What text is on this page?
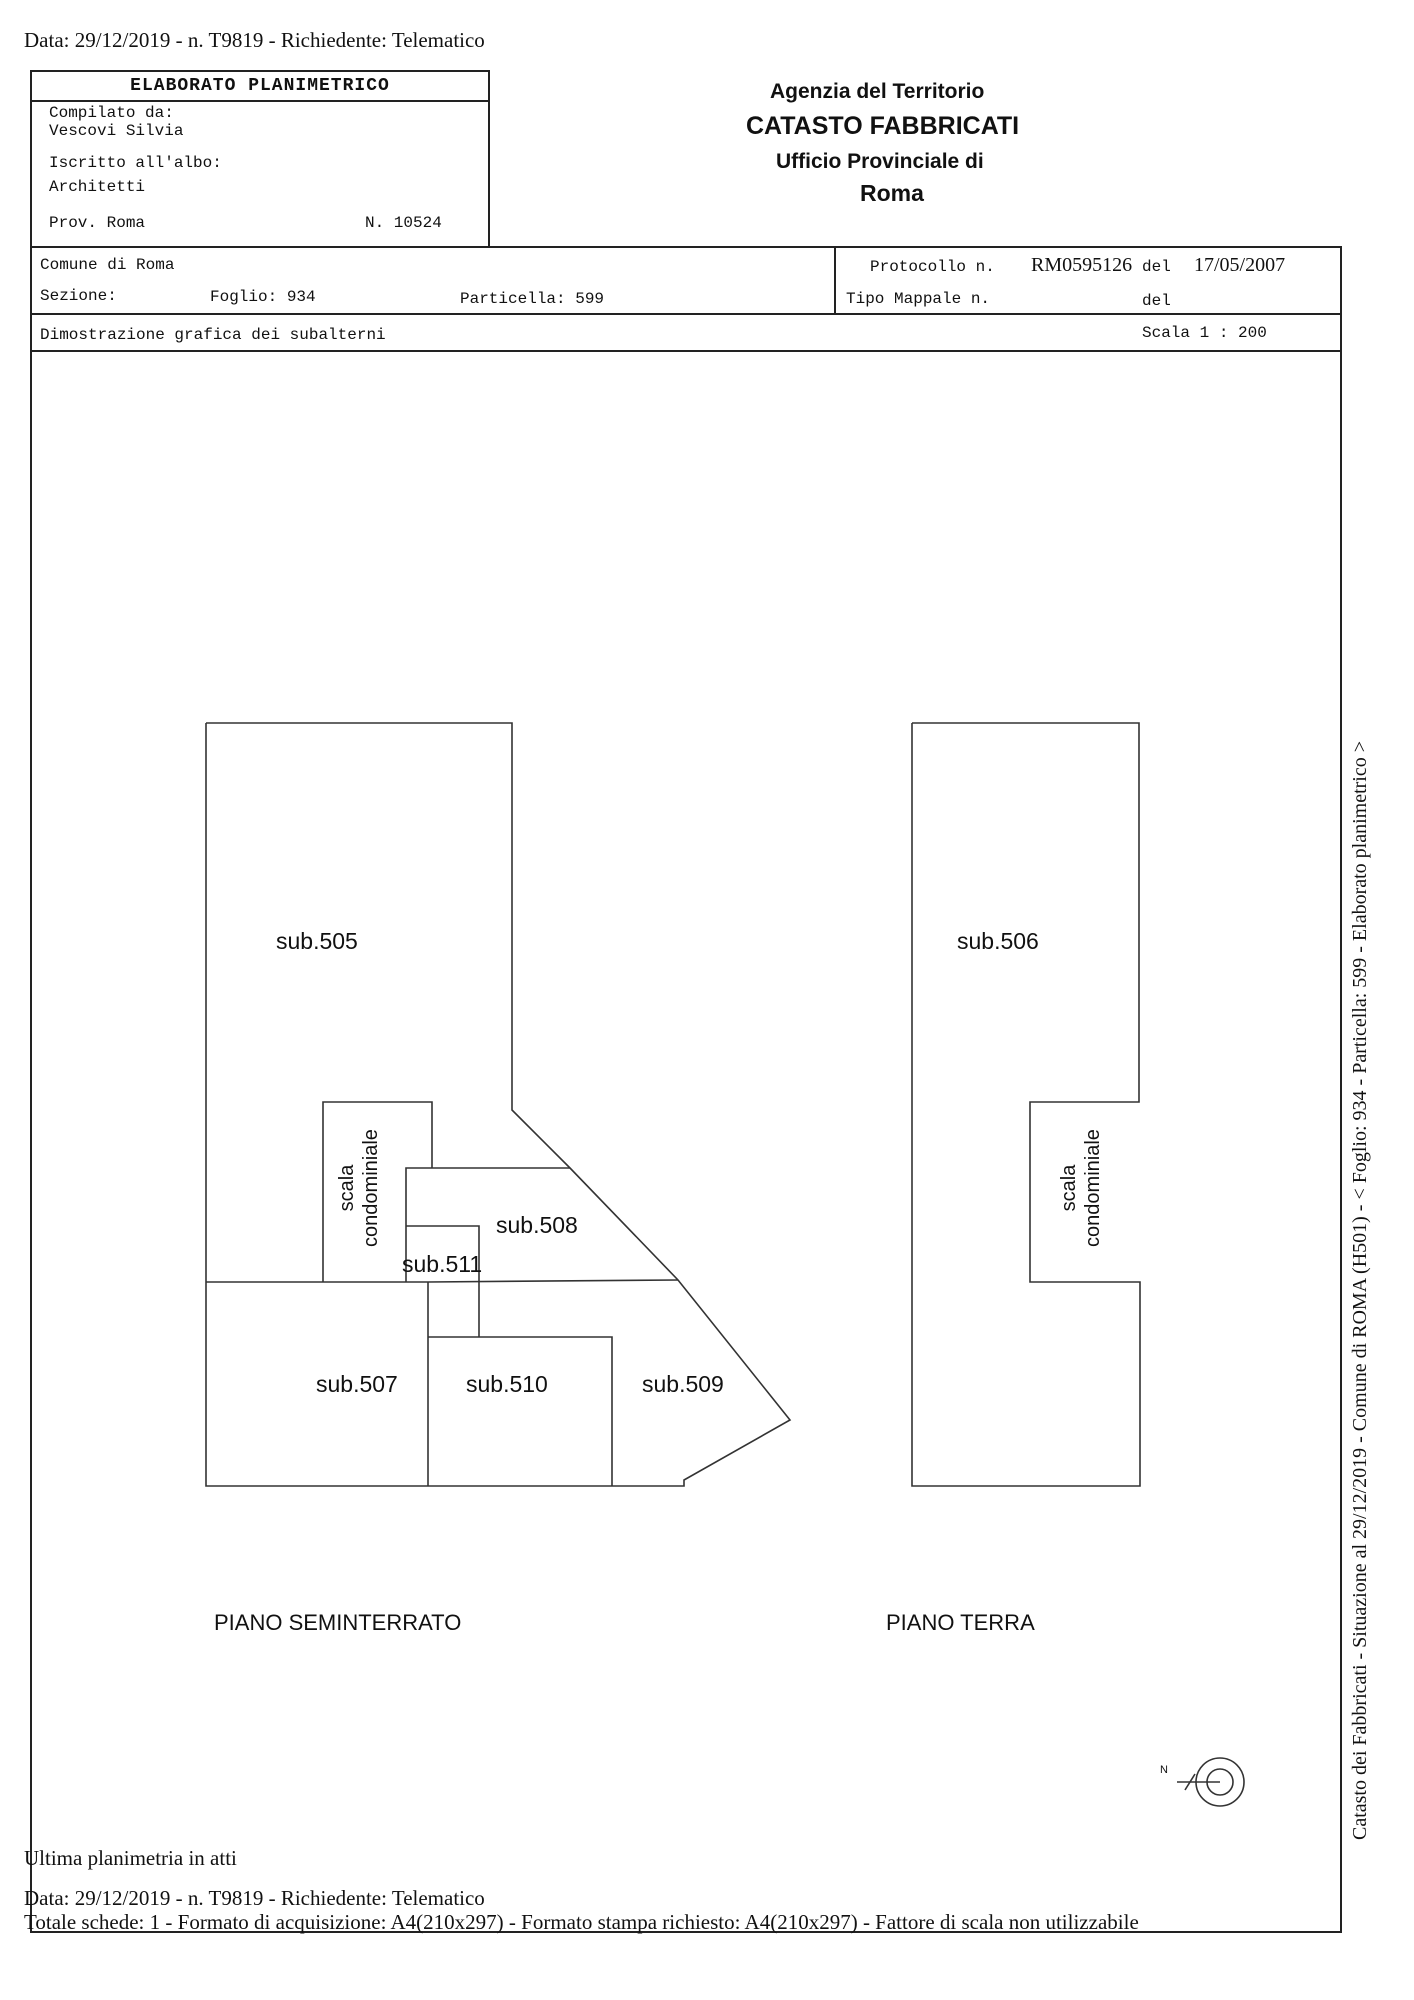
Data: 29/12/2019 - n. T9819 - Richiedente: Telematico
ELABORATO PLANIMETRICO
Compilato da:
Vescovi Silvia
Iscritto all'albo:
Architetti
Prov. Roma	N. 10524
Agenzia del Territorio
CATASTO FABBRICATI
Ufficio Provinciale di
Roma
Comune di Roma
Sezione:	Foglio: 934	Particella: 599
Protocollo n. RM0595126 del 17/05/2007
Tipo Mappale n.	del
Dimostrazione grafica dei subalterni	Scala 1 : 200
sub.505	sub.506
sub.507
sub.508
sub.509
sub.510
sub.511
scala condominiale	scala condominiale
PIANO SEMINTERRATO	PIANO TERRA
N	Catasto dei Fabbricati - Situazione al 29/12/2019 - Comune di ROMA (H501) - < Foglio: 934 - Particella: 599 - Elaborato planimetrico >
Ultima planimetria in atti
Data: 29/12/2019 - n. T9819 - Richiedente: Telematico
Totale schede: 1 - Formato di acquisizione: A4(210x297) - Formato stampa richiesto: A4(210x297) - Fattore di scala non utilizzabile
